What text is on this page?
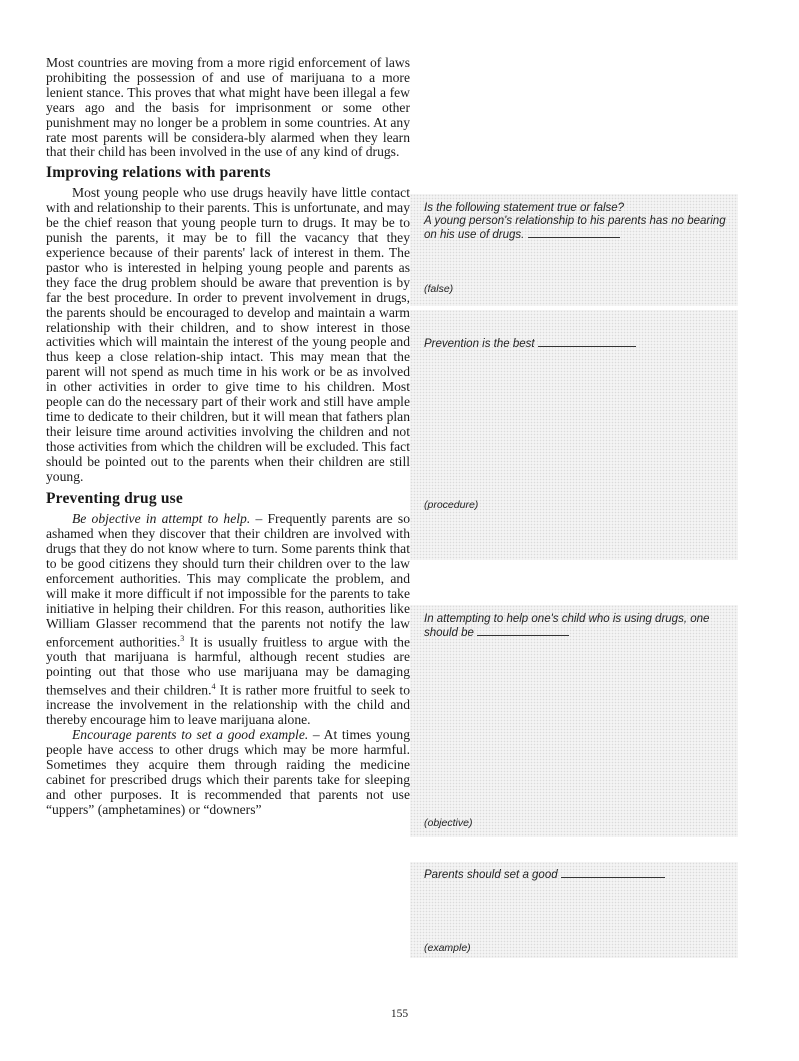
Most countries are moving from a more rigid enforcement of laws prohibiting the possession of and use of marijuana to a more lenient stance. This proves that what might have been illegal a few years ago and the basis for imprisonment or some other punishment may no longer be a problem in some countries. At any rate most parents will be considera-bly alarmed when they learn that their child has been involved in the use of any kind of drugs.

Improving relations with parents

Most young people who use drugs heavily have little contact with and relationship to their parents. This is unfortunate, and may be the chief reason that young people turn to drugs. It may be to punish the parents, it may be to fill the vacancy that they experience because of their parents' lack of interest in them. The pastor who is interested in helping young people and parents as they face the drug problem should be aware that prevention is by far the best procedure. In order to prevent involvement in drugs, the parents should be encouraged to develop and maintain a warm relationship with their children, and to show interest in those activities which will maintain the interest of the young people and thus keep a close relation-ship intact. This may mean that the parent will not spend as much time in his work or be as involved in other activities in order to give time to his children. Most people can do the necessary part of their work and still have ample time to dedicate to their children, but it will mean that fathers plan their leisure time around activities involving the children and not those activities from which the children will be excluded. This fact should be pointed out to the parents when their children are still young.

Preventing drug use

Be objective in attempt to help. – Frequently parents are so ashamed when they discover that their children are involved with drugs that they do not know where to turn. Some parents think that to be good citizens they should turn their children over to the law enforcement authorities. This may complicate the problem, and will make it more difficult if not impossible for the parents to take initiative in helping their children. For this reason, authorities like William Glasser recommend that the parents not notify the law enforcement authorities.$^3$ It is usually fruitless to argue with the youth that marijuana is harmful, although recent studies are pointing out that those who use marijuana may be damaging themselves and their children.$^4$ It is rather more fruitful to seek to increase the involvement in the relationship with the child and thereby encourage him to leave marijuana alone.

Encourage parents to set a good example. – At times young people have access to other drugs which may be more harmful. Sometimes they acquire them through raiding the medicine cabinet for prescribed drugs which their parents take for sleeping and other purposes. It is recommended that parents not use “uppers” (amphetamines) or “downers”

Is the following statement true or false?
A young person's relationship to his parents has no bearing on his use of drugs.
(false)
Prevention is the best
(procedure)
In attempting to help one's child who is using drugs, one should be
(objective)
Parents should set a good
(example)
155
